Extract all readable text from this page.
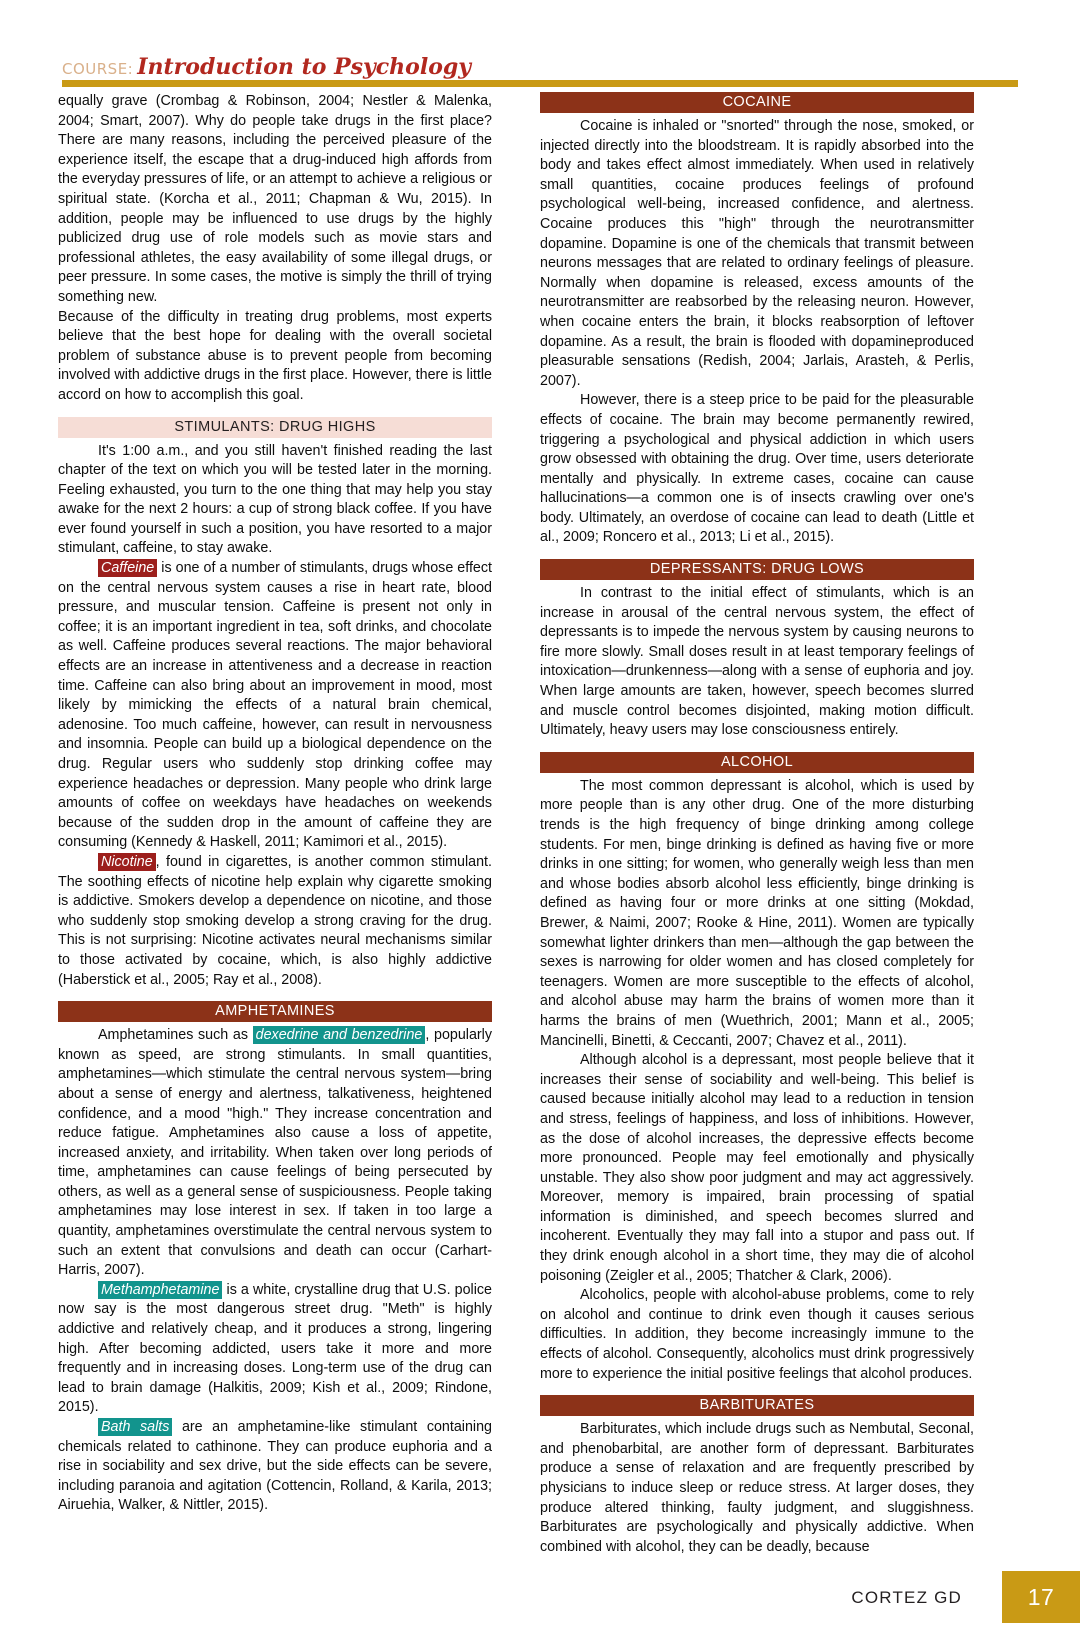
COURSE: Introduction to Psychology

equally grave (Crombag & Robinson, 2004; Nestler & Malenka, 2004; Smart, 2007). Why do people take drugs in the first place? There are many reasons, including the perceived pleasure of the experience itself, the escape that a drug-induced high affords from the everyday pressures of life, or an attempt to achieve a religious or spiritual state. (Korcha et al., 2011; Chapman & Wu, 2015). In addition, people may be influenced to use drugs by the highly publicized drug use of role models such as movie stars and professional athletes, the easy availability of some illegal drugs, or peer pressure. In some cases, the motive is simply the thrill of trying something new.

Because of the difficulty in treating drug problems, most experts believe that the best hope for dealing with the overall societal problem of substance abuse is to prevent people from becoming involved with addictive drugs in the first place. However, there is little accord on how to accomplish this goal.

STIMULANTS: DRUG HIGHS

It's 1:00 a.m., and you still haven't finished reading the last chapter of the text on which you will be tested later in the morning. Feeling exhausted, you turn to the one thing that may help you stay awake for the next 2 hours: a cup of strong black coffee. If you have ever found yourself in such a position, you have resorted to a major stimulant, caffeine, to stay awake.

Caffeine is one of a number of stimulants, drugs whose effect on the central nervous system causes a rise in heart rate, blood pressure, and muscular tension. Caffeine is present not only in coffee; it is an important ingredient in tea, soft drinks, and chocolate as well. Caffeine produces several reactions. The major behavioral effects are an increase in attentiveness and a decrease in reaction time. Caffeine can also bring about an improvement in mood, most likely by mimicking the effects of a natural brain chemical, adenosine. Too much caffeine, however, can result in nervousness and insomnia. People can build up a biological dependence on the drug. Regular users who suddenly stop drinking coffee may experience headaches or depression. Many people who drink large amounts of coffee on weekdays have headaches on weekends because of the sudden drop in the amount of caffeine they are consuming (Kennedy & Haskell, 2011; Kamimori et al., 2015).

Nicotine , found in cigarettes, is another common stimulant. The soothing effects of nicotine help explain why cigarette smoking is addictive. Smokers develop a dependence on nicotine, and those who suddenly stop smoking develop a strong craving for the drug. This is not surprising: Nicotine activates neural mechanisms similar to those activated by cocaine, which, is also highly addictive (Haberstick et al., 2005; Ray et al., 2008).

AMPHETAMINES

Amphetamines such as dexedrine and benzedrine , popularly known as speed, are strong stimulants. In small quantities, amphetamines—which stimulate the central nervous system—bring about a sense of energy and alertness, talkativeness, heightened confidence, and a mood "high." They increase concentration and reduce fatigue. Amphetamines also cause a loss of appetite, increased anxiety, and irritability. When taken over long periods of time, amphetamines can cause feelings of being persecuted by others, as well as a general sense of suspiciousness. People taking amphetamines may lose interest in sex. If taken in too large a quantity, amphetamines overstimulate the central nervous system to such an extent that convulsions and death can occur (Carhart-Harris, 2007).

Methamphetamine is a white, crystalline drug that U.S. police now say is the most dangerous street drug. "Meth" is highly addictive and relatively cheap, and it produces a strong, lingering high. After becoming addicted, users take it more and more frequently and in increasing doses. Long-term use of the drug can lead to brain damage (Halkitis, 2009; Kish et al., 2009; Rindone, 2015).

Bath salts are an amphetamine-like stimulant containing chemicals related to cathinone. They can produce euphoria and a rise in sociability and sex drive, but the side effects can be severe, including paranoia and agitation (Cottencin, Rolland, & Karila, 2013; Airuehia, Walker, & Nittler, 2015).

COCAINE

Cocaine is inhaled or "snorted" through the nose, smoked, or injected directly into the bloodstream. It is rapidly absorbed into the body and takes effect almost immediately. When used in relatively small quantities, cocaine produces feelings of profound psychological well-being, increased confidence, and alertness. Cocaine produces this "high" through the neurotransmitter dopamine. Dopamine is one of the chemicals that transmit between neurons messages that are related to ordinary feelings of pleasure. Normally when dopamine is released, excess amounts of the neurotransmitter are reabsorbed by the releasing neuron. However, when cocaine enters the brain, it blocks reabsorption of leftover dopamine. As a result, the brain is flooded with dopamineproduced pleasurable sensations (Redish, 2004; Jarlais, Arasteh, & Perlis, 2007).

However, there is a steep price to be paid for the pleasurable effects of cocaine. The brain may become permanently rewired, triggering a psychological and physical addiction in which users grow obsessed with obtaining the drug. Over time, users deteriorate mentally and physically. In extreme cases, cocaine can cause hallucinations—a common one is of insects crawling over one's body. Ultimately, an overdose of cocaine can lead to death (Little et al., 2009; Roncero et al., 2013; Li et al., 2015).

DEPRESSANTS: DRUG LOWS

In contrast to the initial effect of stimulants, which is an increase in arousal of the central nervous system, the effect of depressants is to impede the nervous system by causing neurons to fire more slowly. Small doses result in at least temporary feelings of intoxication—drunkenness—along with a sense of euphoria and joy. When large amounts are taken, however, speech becomes slurred and muscle control becomes disjointed, making motion difficult. Ultimately, heavy users may lose consciousness entirely.

ALCOHOL

The most common depressant is alcohol, which is used by more people than is any other drug. One of the more disturbing trends is the high frequency of binge drinking among college students. For men, binge drinking is defined as having five or more drinks in one sitting; for women, who generally weigh less than men and whose bodies absorb alcohol less efficiently, binge drinking is defined as having four or more drinks at one sitting (Mokdad, Brewer, & Naimi, 2007; Rooke & Hine, 2011). Women are typically somewhat lighter drinkers than men—although the gap between the sexes is narrowing for older women and has closed completely for teenagers. Women are more susceptible to the effects of alcohol, and alcohol abuse may harm the brains of women more than it harms the brains of men (Wuethrich, 2001; Mann et al., 2005; Mancinelli, Binetti, & Ceccanti, 2007; Chavez et al., 2011).

Although alcohol is a depressant, most people believe that it increases their sense of sociability and well-being. This belief is caused because initially alcohol may lead to a reduction in tension and stress, feelings of happiness, and loss of inhibitions. However, as the dose of alcohol increases, the depressive effects become more pronounced. People may feel emotionally and physically unstable. They also show poor judgment and may act aggressively. Moreover, memory is impaired, brain processing of spatial information is diminished, and speech becomes slurred and incoherent. Eventually they may fall into a stupor and pass out. If they drink enough alcohol in a short time, they may die of alcohol poisoning (Zeigler et al., 2005; Thatcher & Clark, 2006).

Alcoholics, people with alcohol-abuse problems, come to rely on alcohol and continue to drink even though it causes serious difficulties. In addition, they become increasingly immune to the effects of alcohol. Consequently, alcoholics must drink progressively more to experience the initial positive feelings that alcohol produces.

BARBITURATES

Barbiturates, which include drugs such as Nembutal, Seconal, and phenobarbital, are another form of depressant. Barbiturates produce a sense of relaxation and are frequently prescribed by physicians to induce sleep or reduce stress. At larger doses, they produce altered thinking, faulty judgment, and sluggishness. Barbiturates are psychologically and physically addictive. When combined with alcohol, they can be deadly, because

CORTEZ GD	17
